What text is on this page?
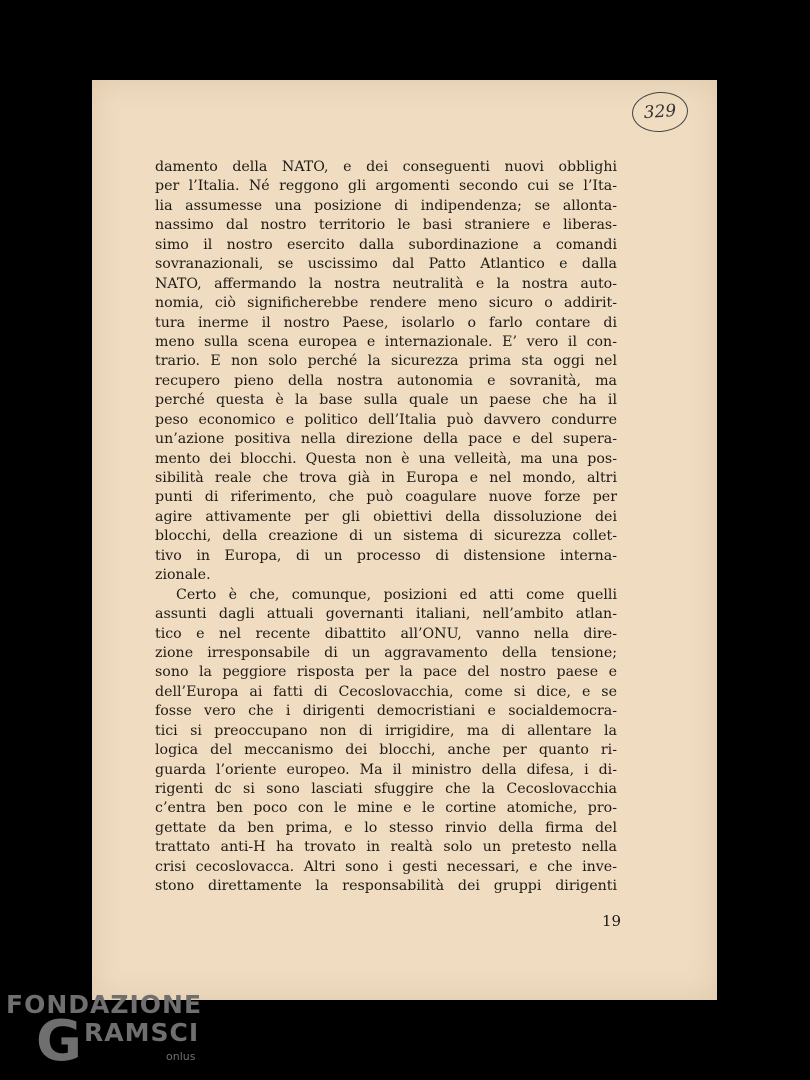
329
damento della NATO, e dei conseguenti nuovi obblighi
per l’Italia. Né reggono gli argomenti secondo cui se l’Ita-
lia assumesse una posizione di indipendenza; se allonta-
nassimo dal nostro territorio le basi straniere e liberas-
simo il nostro esercito dalla subordinazione a comandi
sovranazionali, se uscissimo dal Patto Atlantico e dalla
NATO, affermando la nostra neutralità e la nostra auto-
nomia, ciò significherebbe rendere meno sicuro o addirit-
tura inerme il nostro Paese, isolarlo o farlo contare di
meno sulla scena europea e internazionale. E’ vero il con-
trario. E non solo perché la sicurezza prima sta oggi nel
recupero pieno della nostra autonomia e sovranità, ma
perché questa è la base sulla quale un paese che ha il
peso economico e politico dell’Italia può davvero condurre
un’azione positiva nella direzione della pace e del supera-
mento dei blocchi. Questa non è una velleità, ma una pos-
sibilità reale che trova già in Europa e nel mondo, altri
punti di riferimento, che può coagulare nuove forze per
agire attivamente per gli obiettivi della dissoluzione dei
blocchi, della creazione di un sistema di sicurezza collet-
tivo in Europa, di un processo di distensione interna-
zionale.
Certo è che, comunque, posizioni ed atti come quelli
assunti dagli attuali governanti italiani, nell’ambito atlan-
tico e nel recente dibattito all’ONU, vanno nella dire-
zione irresponsabile di un aggravamento della tensione;
sono la peggiore risposta per la pace del nostro paese e
dell’Europa ai fatti di Cecoslovacchia, come si dice, e se
fosse vero che i dirigenti democristiani e socialdemocra-
tici si preoccupano non di irrigidire, ma di allentare la
logica del meccanismo dei blocchi, anche per quanto ri-
guarda l’oriente europeo. Ma il ministro della difesa, i di-
rigenti dc si sono lasciati sfuggire che la Cecoslovacchia
c’entra ben poco con le mine e le cortine atomiche, pro-
gettate da ben prima, e lo stesso rinvio della firma del
trattato anti-H ha trovato in realtà solo un pretesto nella
crisi cecoslovacca. Altri sono i gesti necessari, e che inve-
stono direttamente la responsabilità dei gruppi dirigenti
19
FONDAZIONE
G RAMSCI
onlus
